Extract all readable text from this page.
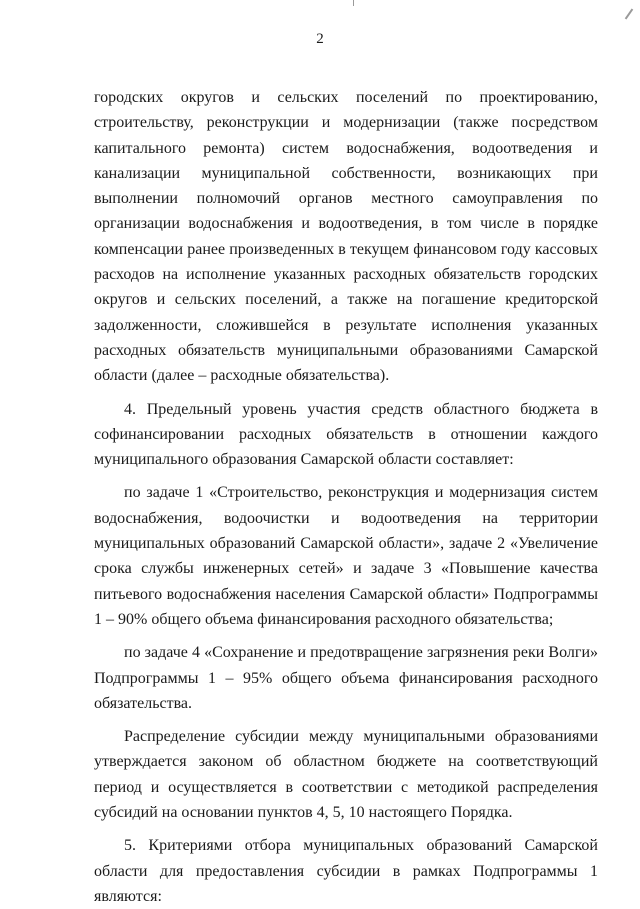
2

городских округов и сельских поселений по проектированию, строительству, реконструкции и модернизации (также посредством капитального ремонта) систем водоснабжения, водоотведения и канализации муниципальной собственности, возникающих при выполнении полномочий органов местного самоуправления по организации водоснабжения и водоотведения, в том числе в порядке компенсации ранее произведенных в текущем финансовом году кассовых расходов на исполнение указанных расходных обязательств городских округов и сельских поселений, а также на погашение кредиторской задолженности, сложившейся в результате исполнения указанных расходных обязательств муниципальными образованиями Самарской области (далее – расходные обязательства).

4. Предельный уровень участия средств областного бюджета в софинансировании расходных обязательств в отношении каждого муниципального образования Самарской области составляет:

по задаче 1 «Строительство, реконструкция и модернизация систем водоснабжения, водоочистки и водоотведения на территории муниципальных образований Самарской области», задаче 2 «Увеличение срока службы инженерных сетей» и задаче 3 «Повышение качества питьевого водоснабжения населения Самарской области» Подпрограммы 1 – 90% общего объема финансирования расходного обязательства;

по задаче 4 «Сохранение и предотвращение загрязнения реки Волги» Подпрограммы 1 – 95% общего объема финансирования расходного обязательства.

Распределение субсидии между муниципальными образованиями утверждается законом об областном бюджете на соответствующий период и осуществляется в соответствии с методикой распределения субсидий на основании пунктов 4, 5, 10 настоящего Порядка.

5. Критериями отбора муниципальных образований Самарской области для предоставления субсидии в рамках Подпрограммы 1 являются:
